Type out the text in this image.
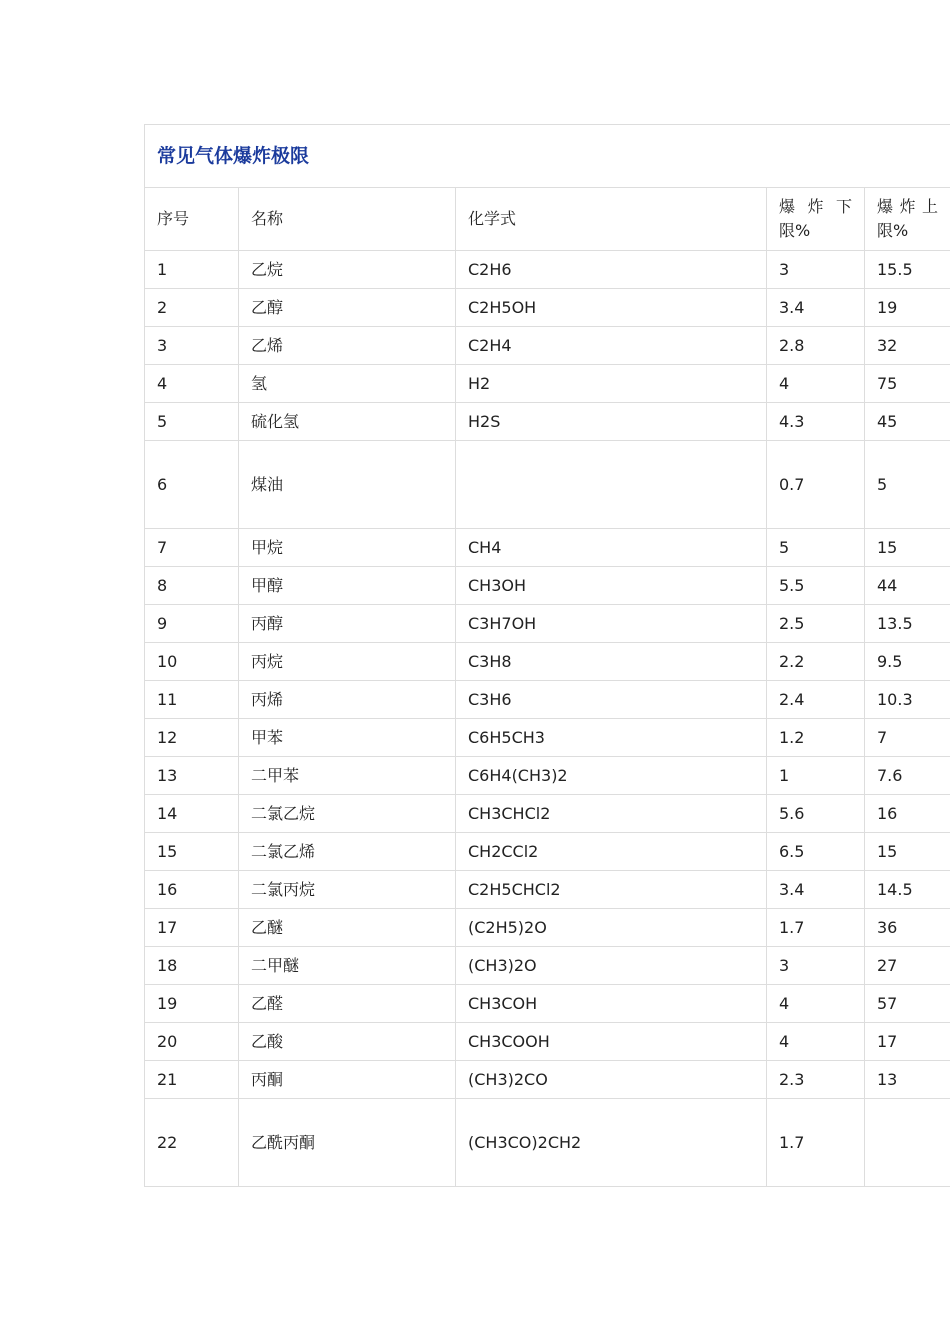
常见气体爆炸极限				
序号	名称	化学式	爆炸下限%	爆 炸 上限%
1	乙烷	C2H6	3	15.5
2	乙醇	C2H5OH	3.4	19
3	乙烯	C2H4	2.8	32
4	氢	H2	4	75
5	硫化氢	H2S	4.3	45
6	煤油		0.7	5
7	甲烷	CH4	5	15
8	甲醇	CH3OH	5.5	44
9	丙醇	C3H7OH	2.5	13.5
10	丙烷	C3H8	2.2	9.5
11	丙烯	C3H6	2.4	10.3
12	甲苯	C6H5CH3	1.2	7
13	二甲苯	C6H4(CH3)2	1	7.6
14	二氯乙烷	CH3CHCl2	5.6	16
15	二氯乙烯	CH2CCl2	6.5	15
16	二氯丙烷	C2H5CHCl2	3.4	14.5
17	乙醚	(C2H5)2O	1.7	36
18	二甲醚	(CH3)2O	3	27
19	乙醛	CH3COH	4	57
20	乙酸	CH3COOH	4	17
21	丙酮	(CH3)2CO	2.3	13
22	乙酰丙酮	(CH3CO)2CH2	1.7	
